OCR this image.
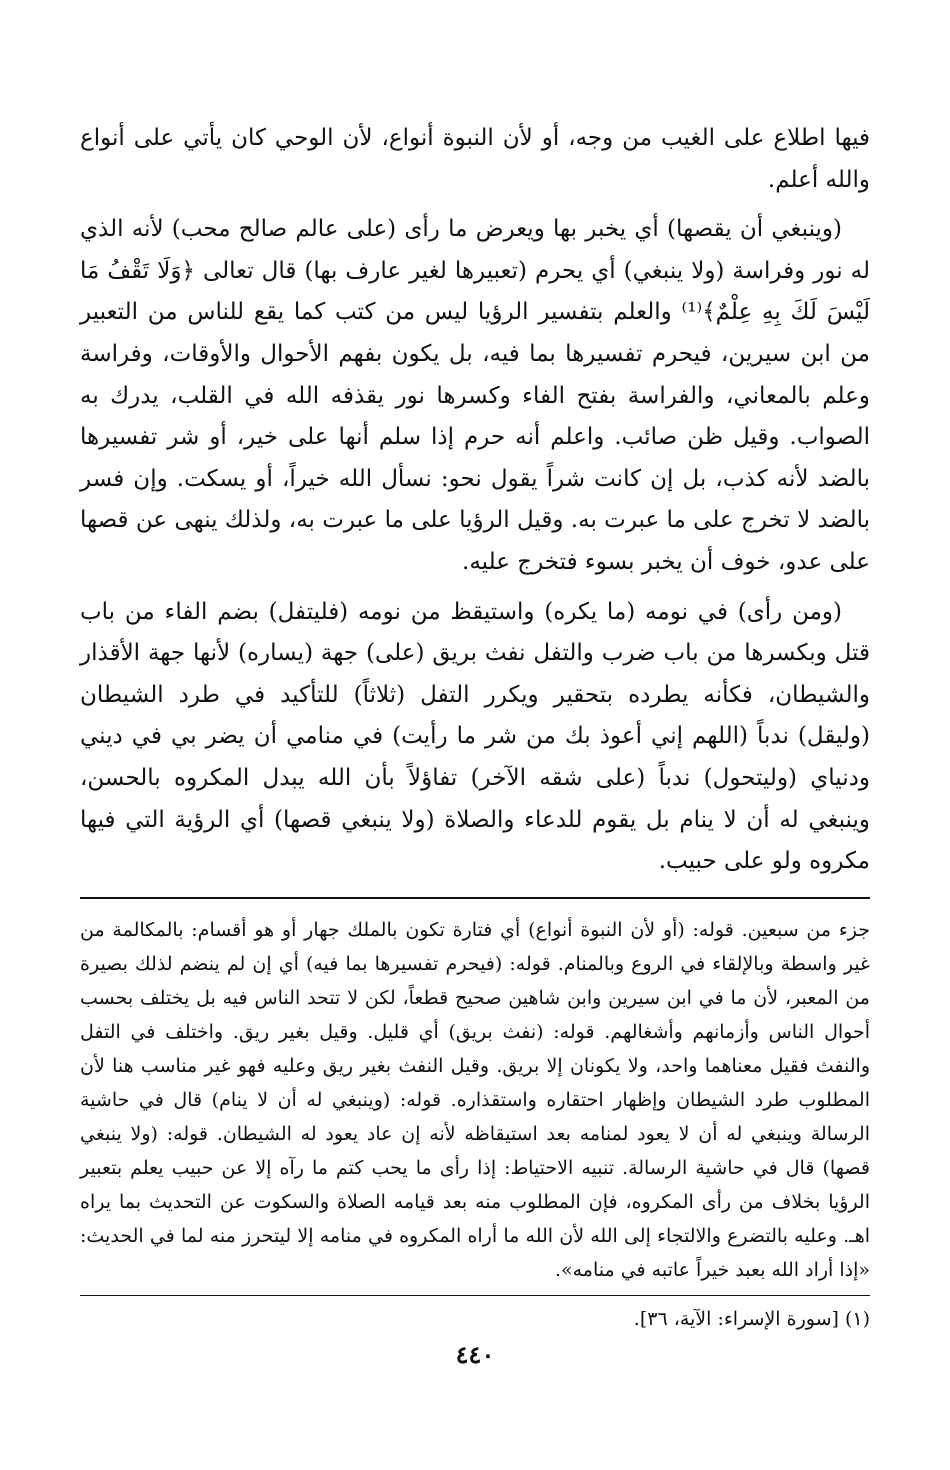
فيها اطلاع على الغيب من وجه، أو لأن النبوة أنواع، لأن الوحي كان يأتي على أنواع والله أعلم.

(وينبغي أن يقصها) أي يخبر بها ويعرض ما رأى (على عالم صالح محب) لأنه الذي له نور وفراسة (ولا ينبغي) أي يحرم (تعبيرها لغير عارف بها) قال تعالى ﴿وَلَا تَقْفُ مَا لَيْسَ لَكَ بِهِ عِلْمٌ﴾⁽¹⁾ والعلم بتفسير الرؤيا ليس من كتب كما يقع للناس من التعبير من ابن سيرين، فيحرم تفسيرها بما فيه، بل يكون بفهم الأحوال والأوقات، وفراسة وعلم بالمعاني، والفراسة بفتح الفاء وكسرها نور يقذفه الله في القلب، يدرك به الصواب. وقيل ظن صائب. واعلم أنه حرم إذا سلم أنها على خير، أو شر تفسيرها بالضد لأنه كذب، بل إن كانت شراً يقول نحو: نسأل الله خيراً، أو يسكت. وإن فسر بالضد لا تخرج على ما عبرت به. وقيل الرؤيا على ما عبرت به، ولذلك ينهى عن قصها على عدو، خوف أن يخبر بسوء فتخرج عليه.

(ومن رأى) في نومه (ما يكره) واستيقظ من نومه (فليتفل) بضم الفاء من باب قتل وبكسرها من باب ضرب والتفل نفث بريق (على) جهة (يساره) لأنها جهة الأقذار والشيطان، فكأنه يطرده بتحقير ويكرر التفل (ثلاثاً) للتأكيد في طرد الشيطان (وليقل) ندباً (اللهم إني أعوذ بك من شر ما رأيت) في منامي أن يضر بي في ديني ودنياي (وليتحول) ندباً (على شقه الآخر) تفاؤلاً بأن الله يبدل المكروه بالحسن، وينبغي له أن لا ينام بل يقوم للدعاء والصلاة (ولا ينبغي قصها) أي الرؤية التي فيها مكروه ولو على حبيب.

جزء من سبعين. قوله: (أو لأن النبوة أنواع) أي فتارة تكون بالملك جهار أو هو أقسام: بالمكالمة من غير واسطة وبالإلقاء في الروع وبالمنام. قوله: (فيحرم تفسيرها بما فيه) أي إن لم ينضم لذلك بصيرة من المعبر، لأن ما في ابن سيرين وابن شاهين صحيح قطعاً، لكن لا تتحد الناس فيه بل يختلف بحسب أحوال الناس وأزمانهم وأشغالهم. قوله: (نفث بريق) أي قليل. وقيل بغير ريق. واختلف في التفل والنفث فقيل معناهما واحد، ولا يكونان إلا بريق. وقيل النفث بغير ريق وعليه فهو غير مناسب هنا لأن المطلوب طرد الشيطان وإظهار احتقاره واستقذاره. قوله: (وينبغي له أن لا ينام) قال في حاشية الرسالة وينبغي له أن لا يعود لمنامه بعد استيقاظه لأنه إن عاد يعود له الشيطان. قوله: (ولا ينبغي قصها) قال في حاشية الرسالة. تنبيه الاحتياط: إذا رأى ما يحب كتم ما رآه إلا عن حبيب يعلم بتعبير الرؤيا بخلاف من رأى المكروه، فإن المطلوب منه بعد قيامه الصلاة والسكوت عن التحديث بما يراه اهـ. وعليه بالتضرع والالتجاء إلى الله لأن الله ما أراه المكروه في منامه إلا ليتحرز منه لما في الحديث: «إذا أراد الله بعبد خيراً عاتبه في منامه».

(١) [سورة الإسراء: الآية، ٣٦].
٤٤٠
